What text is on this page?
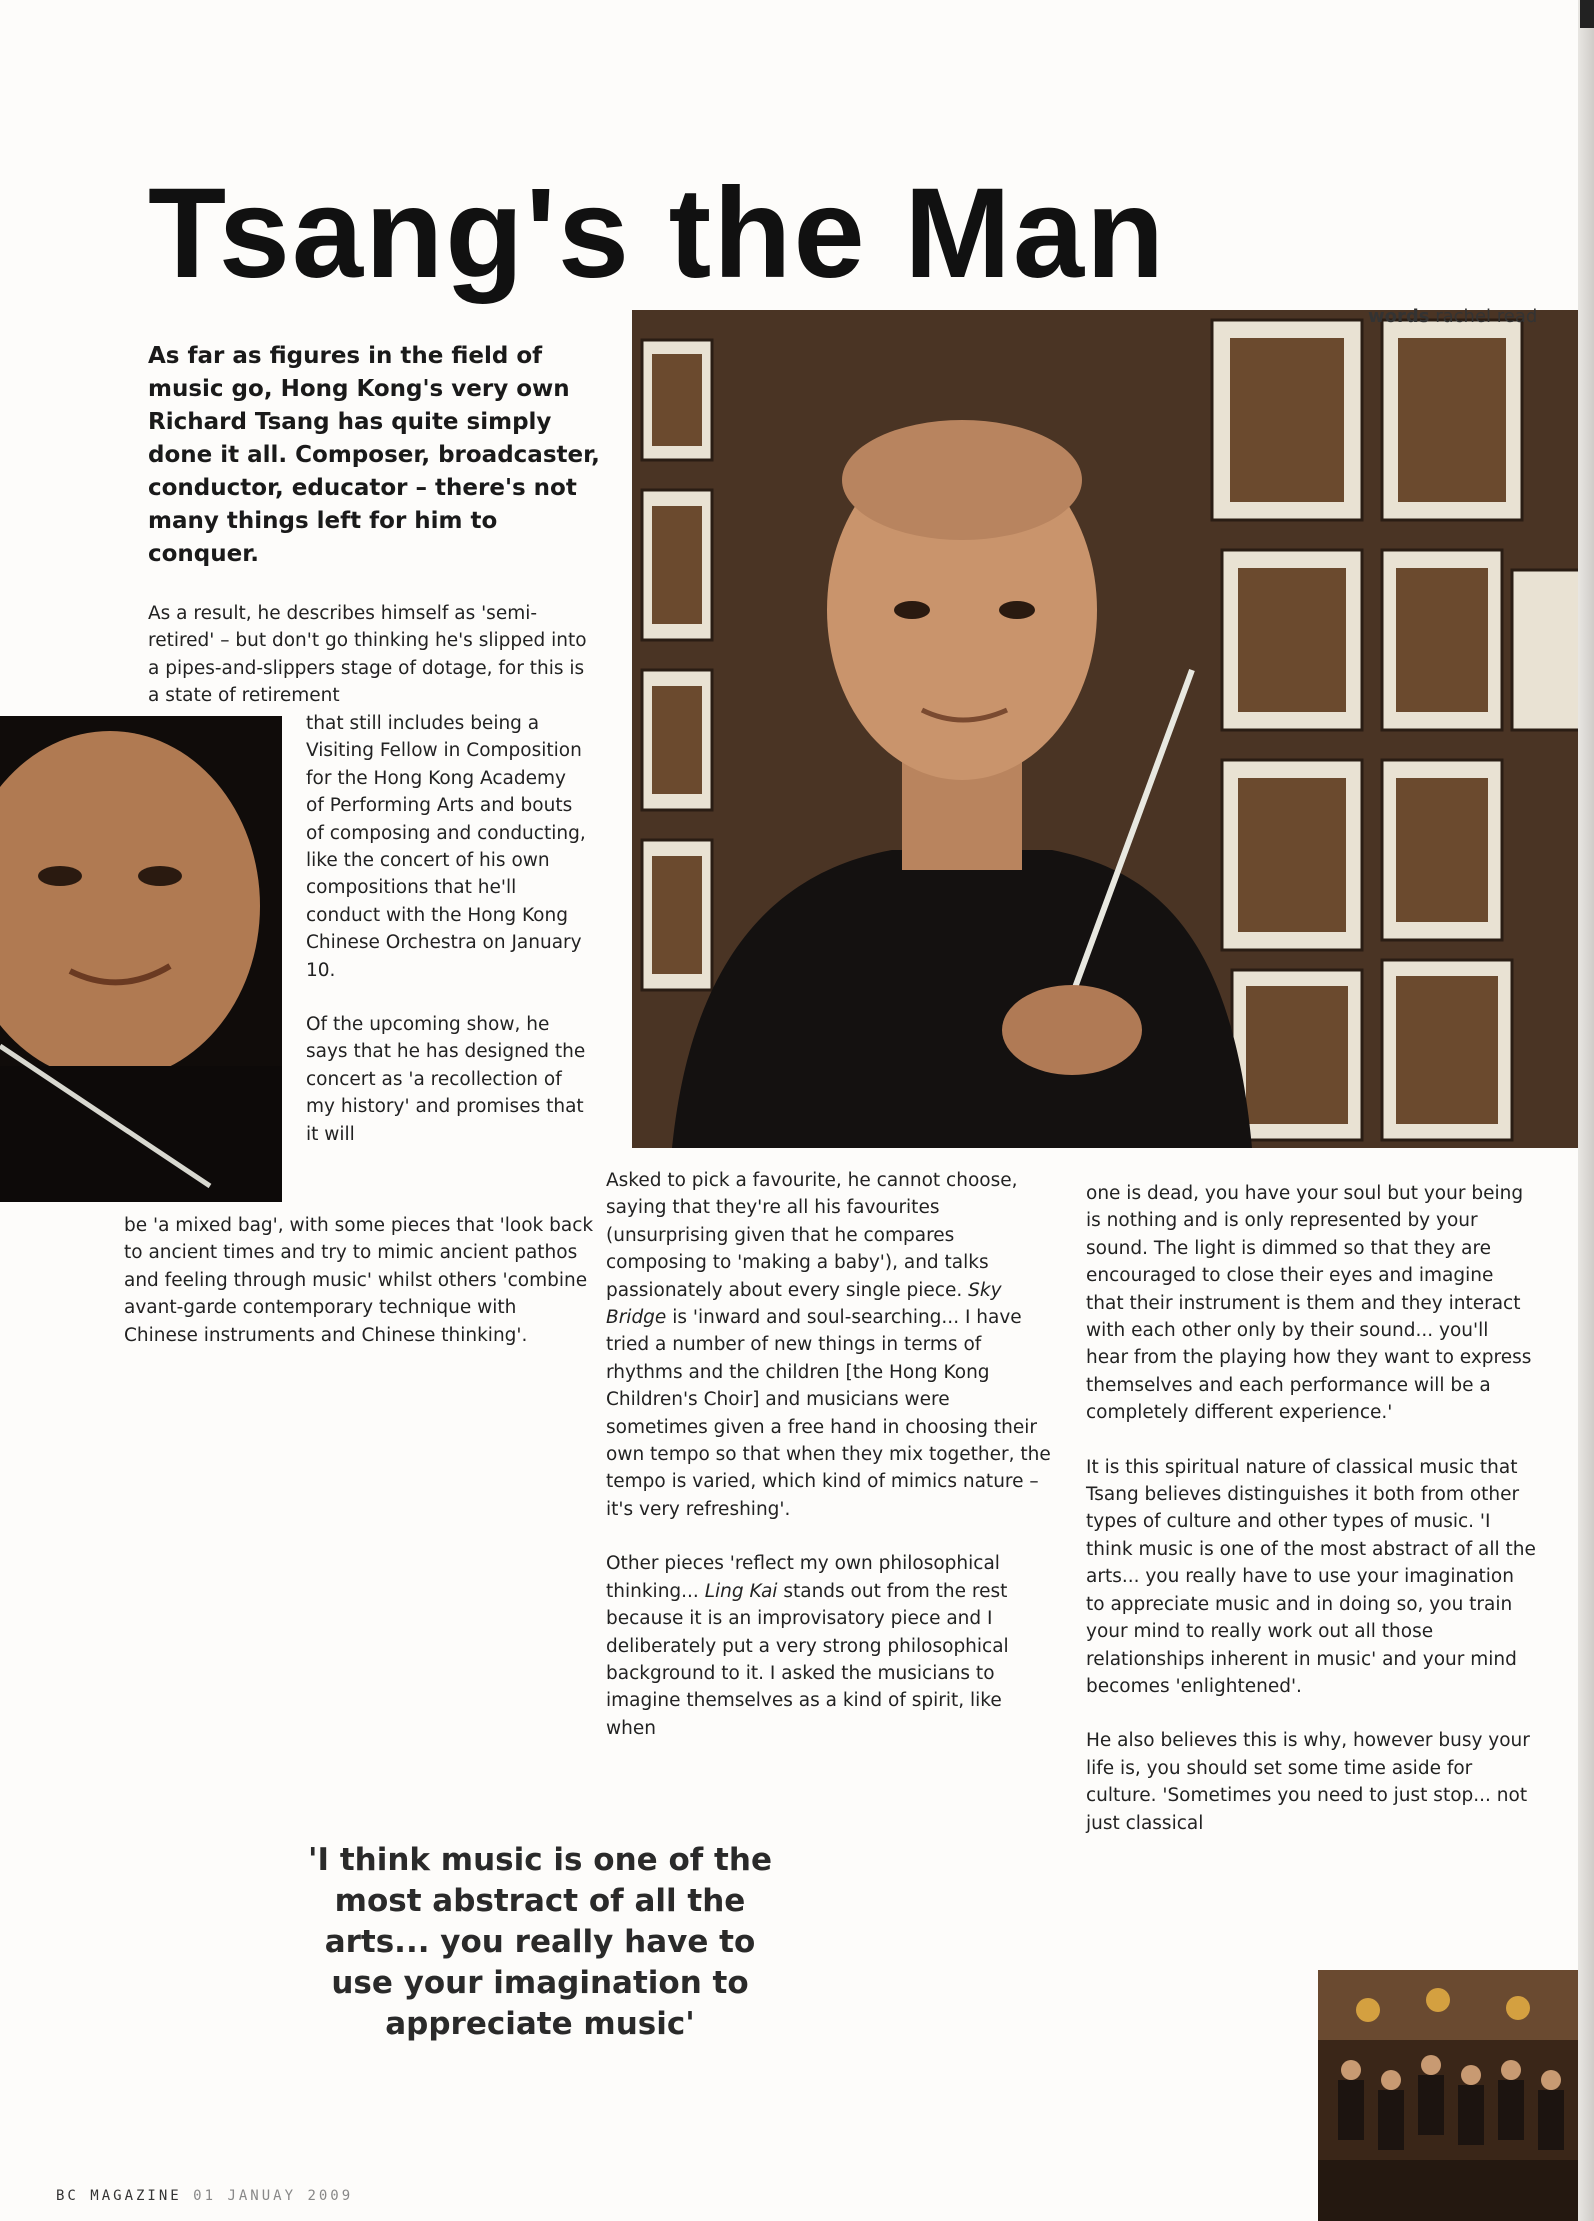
Tsang's the Man
words rachel read

As far as figures in the field of music go, Hong Kong's very own Richard Tsang has quite simply done it all. Composer, broadcaster, conductor, educator – there's not many things left for him to conquer.

As a result, he describes himself as 'semi-retired' – but don't go thinking he's slipped into a pipes-and-slippers stage of dotage, for this is a state of retirement

that still includes being a Visiting Fellow in Composition for the Hong Kong Academy of Performing Arts and bouts of composing and conducting, like the concert of his own compositions that he'll conduct with the Hong Kong Chinese Orchestra on January 10.

Of the upcoming show, he says that he has designed the concert as 'a recollection of my history' and promises that it will

be 'a mixed bag', with some pieces that 'look back to ancient times and try to mimic ancient pathos and feeling through music' whilst others 'combine avant-garde contemporary technique with Chinese instruments and Chinese thinking'.

Asked to pick a favourite, he cannot choose, saying that they're all his favourites (unsurprising given that he compares composing to 'making a baby'), and talks passionately about every single piece. Sky Bridge is 'inward and soul-searching... I have tried a number of new things in terms of rhythms and the children [the Hong Kong Children's Choir] and musicians were sometimes given a free hand in choosing their own tempo so that when they mix together, the tempo is varied, which kind of mimics nature – it's very refreshing'.

Other pieces 'reflect my own philosophical thinking... Ling Kai stands out from the rest because it is an improvisatory piece and I deliberately put a very strong philosophical background to it. I asked the musicians to imagine themselves as a kind of spirit, like when

one is dead, you have your soul but your being is nothing and is only represented by your sound. The light is dimmed so that they are encouraged to close their eyes and imagine that their instrument is them and they interact with each other only by their sound... you'll hear from the playing how they want to express themselves and each performance will be a completely different experience.'

It is this spiritual nature of classical music that Tsang believes distinguishes it both from other types of culture and other types of music. 'I think music is one of the most abstract of all the arts... you really have to use your imagination to appreciate music and in doing so, you train your mind to really work out all those relationships inherent in music' and your mind becomes 'enlightened'.

He also believes this is why, however busy your life is, you should set some time aside for culture. 'Sometimes you need to just stop... not just classical

'I think music is one of the most abstract of all the arts... you really have to use your imagination to appreciate music'

BC MAGAZINE 01 JANUAY 2009
